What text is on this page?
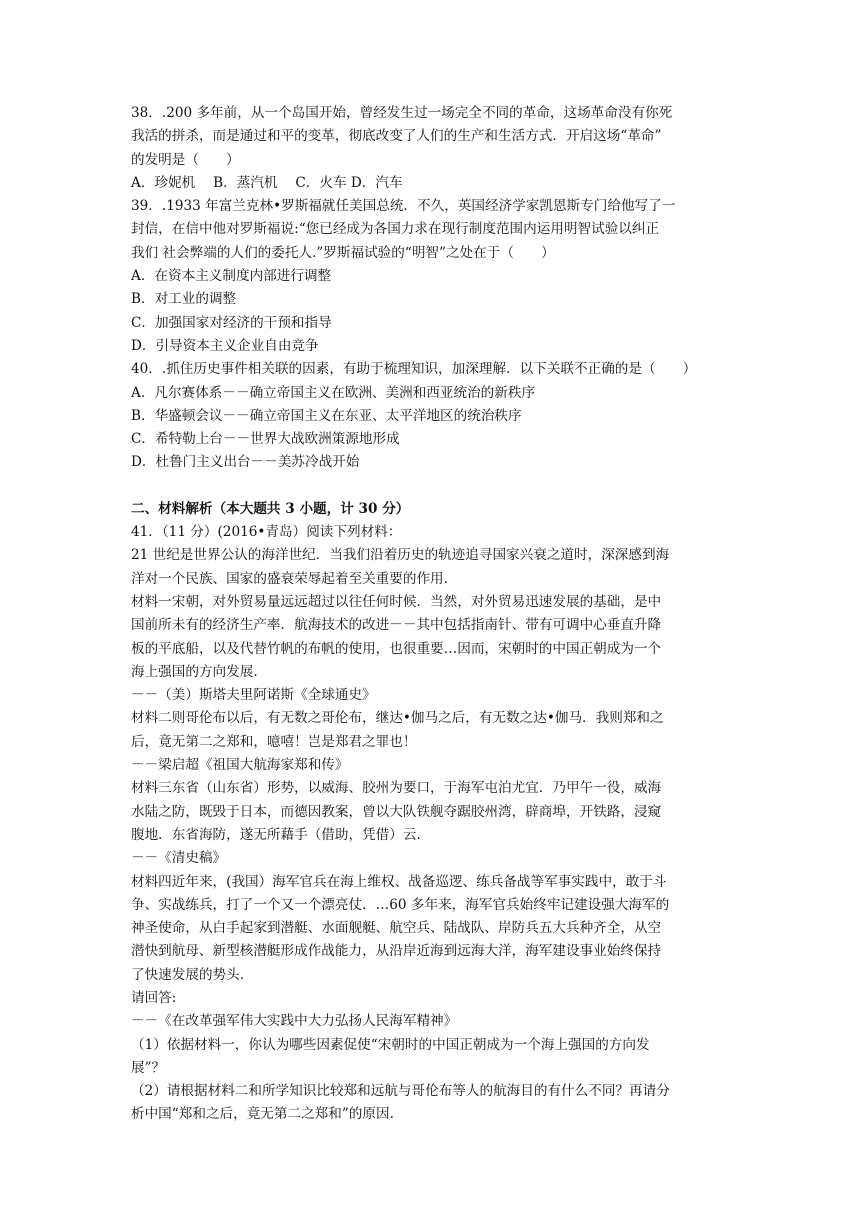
38．.200 多年前，从一个岛国开始，曾经发生过一场完全不同的革命，这场革命没有你死
我活的拼杀，而是通过和平的变革，彻底改变了人们的生产和生活方式．开启这场“革命”
的发明是（　　）
A．珍妮机　 B．蒸汽机　 C．火车 D．汽车
39．.1933 年富兰克林•罗斯福就任美国总统．不久，英国经济学家凯恩斯专门给他写了一
封信，在信中他对罗斯福说:“您已经成为各国力求在现行制度范围内运用明智试验以纠正
我们 社会弊端的人们的委托人.”罗斯福试验的“明智”之处在于（　　）
A．在资本主义制度内部进行调整
B．对工业的调整
C．加强国家对经济的干预和指导
D．引导资本主义企业自由竞争
40．.抓住历史事件相关联的因素，有助于梳理知识，加深理解．以下关联不正确的是（　　）
A．凡尔赛体系－－确立帝国主义在欧洲、美洲和西亚统治的新秩序
B．华盛顿会议－－确立帝国主义在东亚、太平洋地区的统治秩序
C．希特勒上台－－世界大战欧洲策源地形成
D．杜鲁门主义出台－－美苏冷战开始
二、材料解析（本大题共 3 小题，计 30 分）
41．（11 分）(2016•青岛）阅读下列材料：
21 世纪是世界公认的海洋世纪．当我们沿着历史的轨迹追寻国家兴衰之道时，深深感到海
洋对一个民族、国家的盛衰荣辱起着至关重要的作用.
材料一宋朝，对外贸易量远远超过以往任何时候．当然，对外贸易迅速发展的基础，是中
国前所未有的经济生产率．航海技术的改进－－其中包括指南针、带有可调中心垂直升降
板的平底船，以及代替竹帆的布帆的使用，也很重要…因而，宋朝时的中国正朝成为一个
海上强国的方向发展.
－－（美）斯塔夫里阿诺斯《全球通史》
材料二则哥伦布以后，有无数之哥伦布，继达•伽马之后，有无数之达•伽马．我则郑和之
后，竟无第二之郑和，噫嘻！岂是郑君之罪也！
－－梁启超《祖国大航海家郑和传》
材料三东省（山东省）形势，以威海、胶州为要口，于海军屯泊尤宜．乃甲午一役，威海
水陆之防，既毁于日本，而德因教案，曾以大队铁舰夺踞胶州湾，辟商埠，开铁路，浸窥
腹地．东省海防，遂无所藉手（借助，凭借）云.
－－《清史稿》
材料四近年来，(我国）海军官兵在海上维权、战备巡逻、练兵备战等军事实践中，敢于斗
争、实战练兵，打了一个又一个漂亮仗．…60 多年来，海军官兵始终牢记建设强大海军的
神圣使命，从白手起家到潜艇、水面舰艇、航空兵、陆战队、岸防兵五大兵种齐全，从空
潜快到航母、新型核潜艇形成作战能力，从沿岸近海到远海大洋，海军建设事业始终保持
了快速发展的势头.
请回答:
－－《在改革强军伟大实践中大力弘扬人民海军精神》
（1）依据材料一，你认为哪些因素促使“宋朝时的中国正朝成为一个海上强国的方向发
展”？
（2）请根据材料二和所学知识比较郑和远航与哥伦布等人的航海目的有什么不同？再请分
析中国“郑和之后，竟无第二之郑和”的原因.
